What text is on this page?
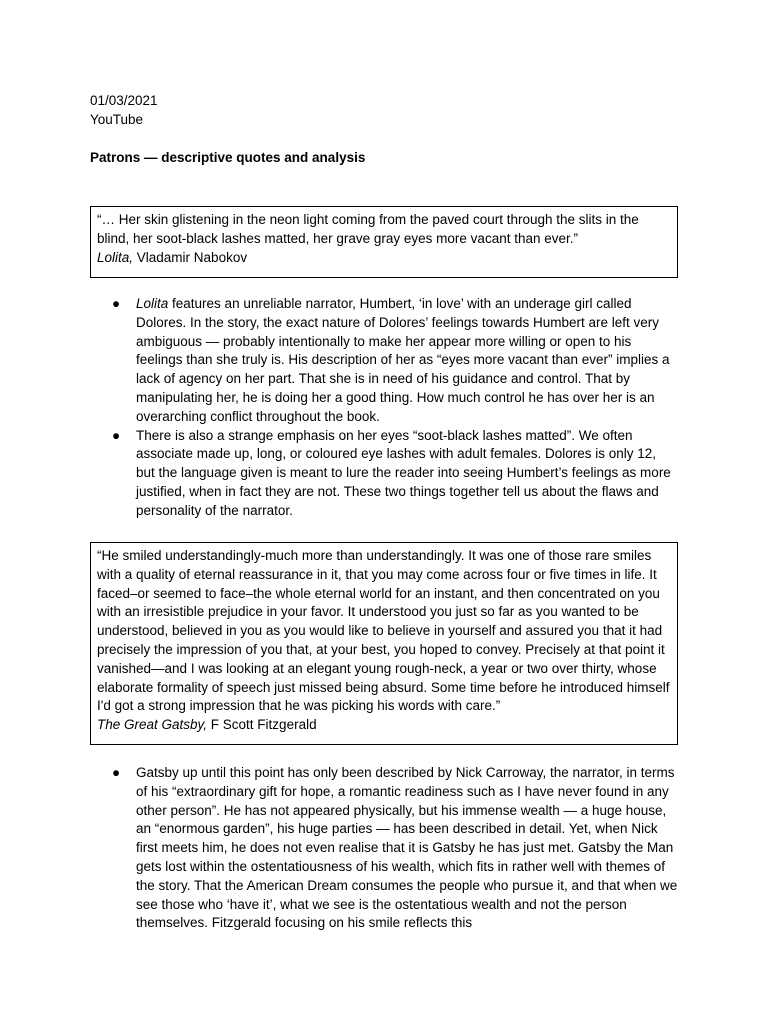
01/03/2021
YouTube
Patrons — descriptive quotes and analysis

“… Her skin glistening in the neon light coming from the paved court through the slits in the blind, her soot-black lashes matted, her grave gray eyes more vacant than ever.”

Lolita, Vladamir Nabokov

● Lolita features an unreliable narrator, Humbert, ‘in love’ with an underage girl called Dolores. In the story, the exact nature of Dolores’ feelings towards Humbert are left very ambiguous — probably intentionally to make her appear more willing or open to his feelings than she truly is. His description of her as “eyes more vacant than ever” implies a lack of agency on her part. That she is in need of his guidance and control. That by manipulating her, he is doing her a good thing. How much control he has over her is an overarching conflict throughout the book.
● There is also a strange emphasis on her eyes “soot-black lashes matted”. We often associate made up, long, or coloured eye lashes with adult females. Dolores is only 12, but the language given is meant to lure the reader into seeing Humbert’s feelings as more justified, when in fact they are not. These two things together tell us about the flaws and personality of the narrator.

“He smiled understandingly-much more than understandingly. It was one of those rare smiles with a quality of eternal reassurance in it, that you may come across four or five times in life. It faced–or seemed to face–the whole eternal world for an instant, and then concentrated on you with an irresistible prejudice in your favor. It understood you just so far as you wanted to be understood, believed in you as you would like to believe in yourself and assured you that it had precisely the impression of you that, at your best, you hoped to convey. Precisely at that point it vanished—and I was looking at an elegant young rough-neck, a year or two over thirty, whose elaborate formality of speech just missed being absurd. Some time before he introduced himself I'd got a strong impression that he was picking his words with care.”

The Great Gatsby, F Scott Fitzgerald

● Gatsby up until this point has only been described by Nick Carroway, the narrator, in terms of his “extraordinary gift for hope, a romantic readiness such as I have never found in any other person”. He has not appeared physically, but his immense wealth — a huge house, an “enormous garden”, his huge parties — has been described in detail. Yet, when Nick first meets him, he does not even realise that it is Gatsby he has just met. Gatsby the Man gets lost within the ostentatiousness of his wealth, which fits in rather well with themes of the story. That the American Dream consumes the people who pursue it, and that when we see those who ‘have it’, what we see is the ostentatious wealth and not the person themselves. Fitzgerald focusing on his smile reflects this
